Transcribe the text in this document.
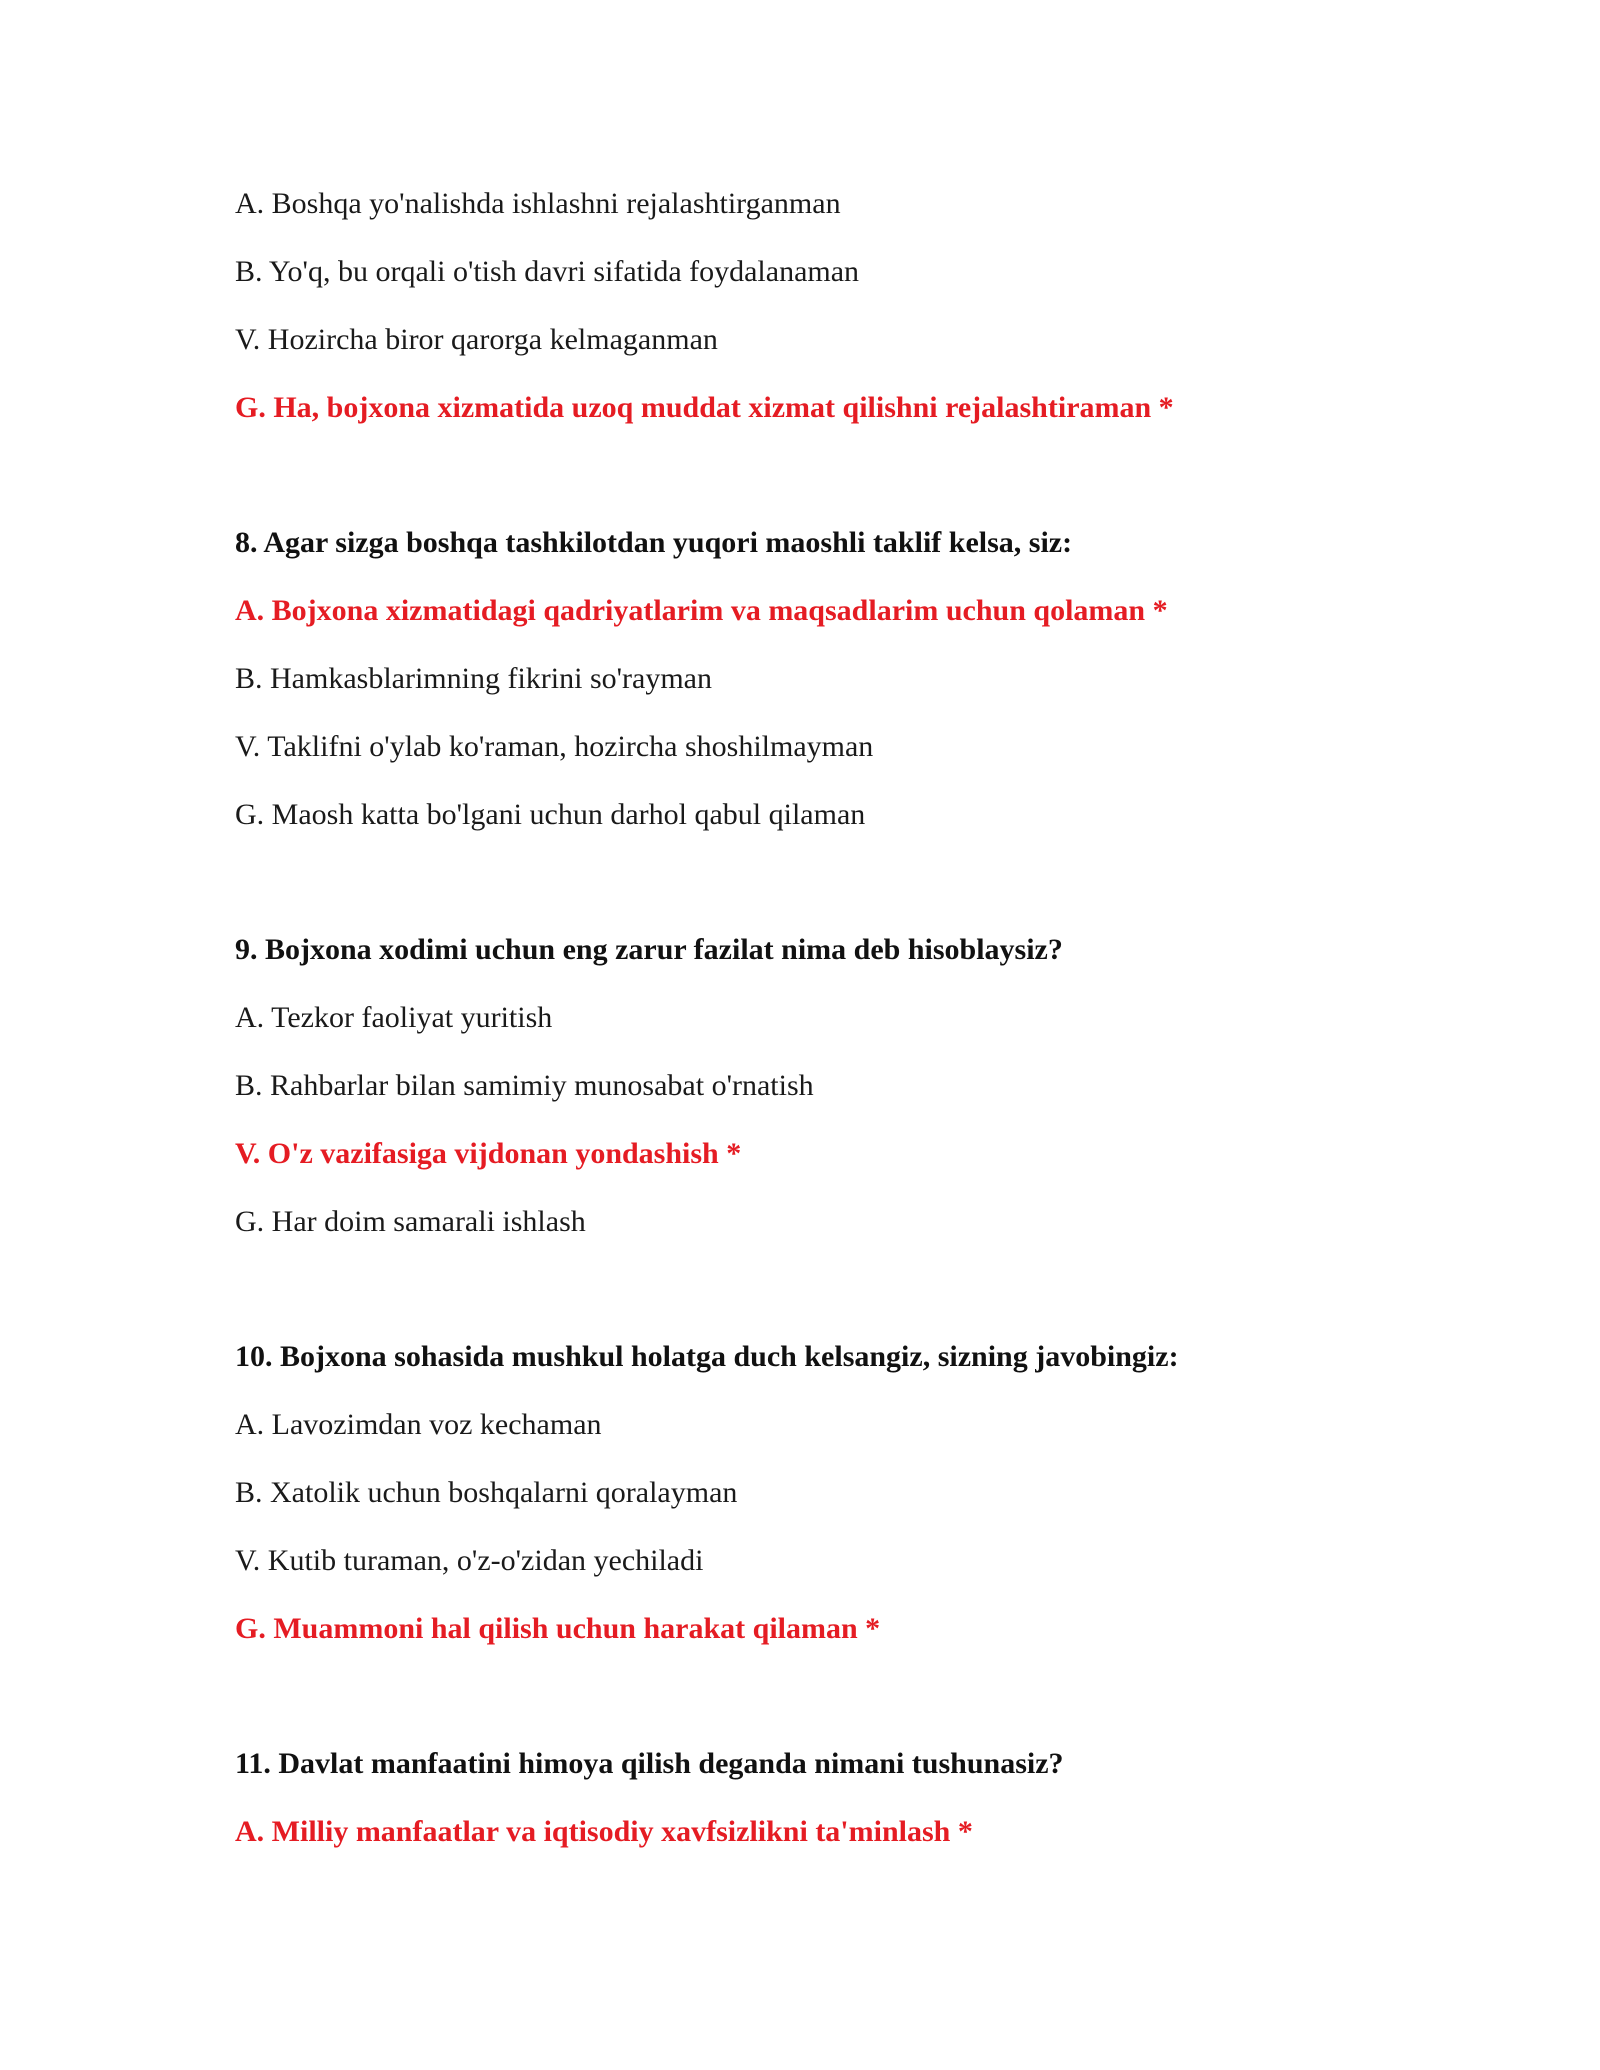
A. Boshqa yo'nalishda ishlashni rejalashtirganman
B. Yo'q, bu orqali o'tish davri sifatida foydalanaman
V. Hozircha biror qarorga kelmaganman
G. Ha, bojxona xizmatida uzoq muddat xizmat qilishni rejalashtiraman *
8. Agar sizga boshqa tashkilotdan yuqori maoshli taklif kelsa, siz:
A. Bojxona xizmatidagi qadriyatlarim va maqsadlarim uchun qolaman *
B. Hamkasblarimning fikrini so'rayman
V. Taklifni o'ylab ko'raman, hozircha shoshilmayman
G. Maosh katta bo'lgani uchun darhol qabul qilaman
9. Bojxona xodimi uchun eng zarur fazilat nima deb hisoblaysiz?
A. Tezkor faoliyat yuritish
B. Rahbarlar bilan samimiy munosabat o'rnatish
V. O'z vazifasiga vijdonan yondashish *
G. Har doim samarali ishlash
10. Bojxona sohasida mushkul holatga duch kelsangiz, sizning javobingiz:
A. Lavozimdan voz kechaman
B. Xatolik uchun boshqalarni qoralayman
V. Kutib turaman, o'z-o'zidan yechiladi
G. Muammoni hal qilish uchun harakat qilaman *
11. Davlat manfaatini himoya qilish deganda nimani tushunasiz?
A. Milliy manfaatlar va iqtisodiy xavfsizlikni ta'minlash *
